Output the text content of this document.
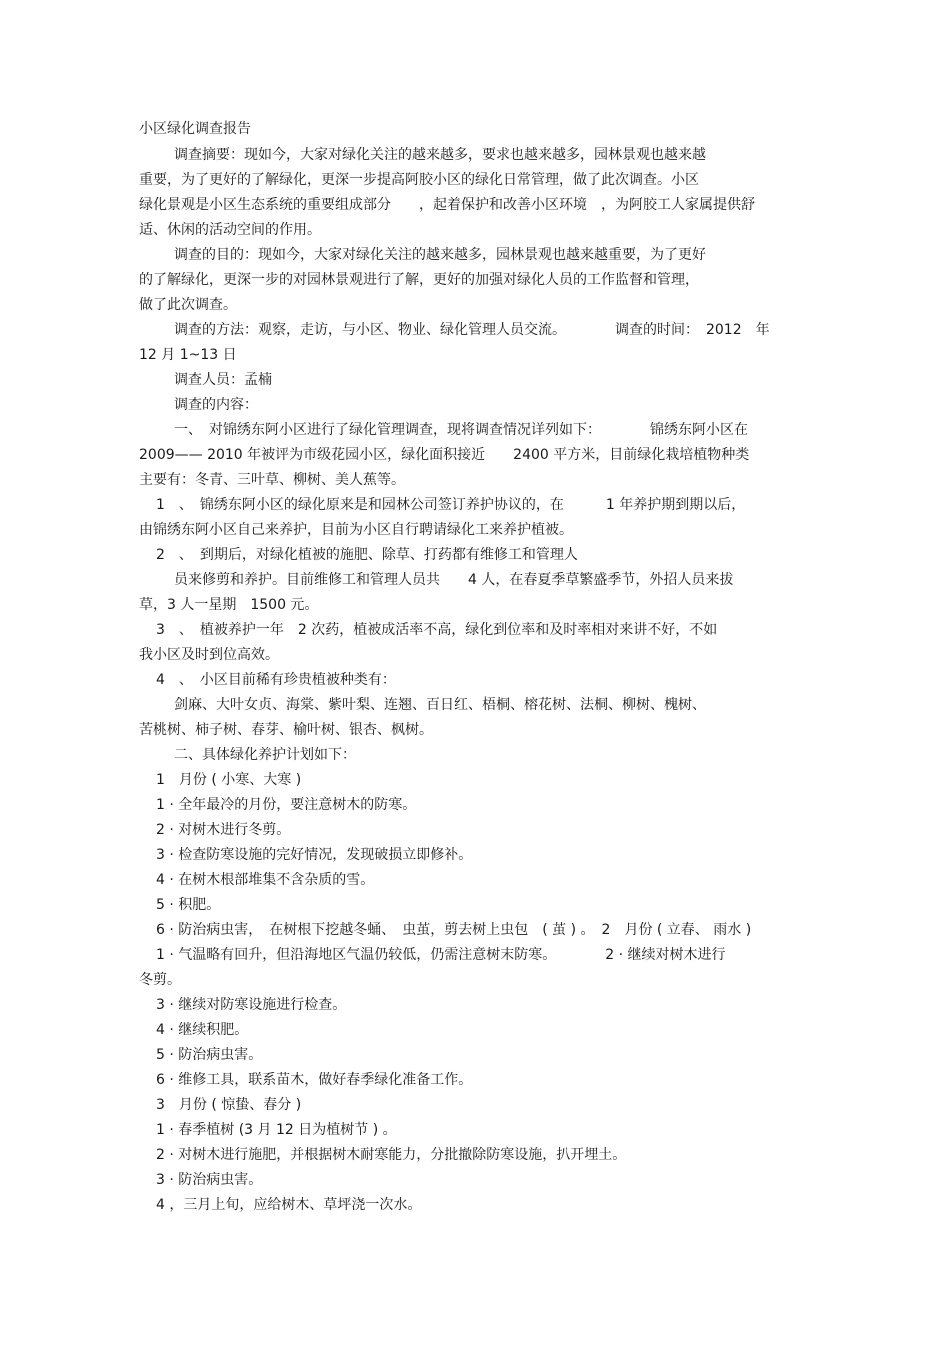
小区绿化调查报告
调查摘要：现如今，大家对绿化关注的越来越多，要求也越来越多，园林景观也越来越
重要，为了更好的了解绿化，更深一步提高阿胶小区的绿化日常管理，做了此次调查。小区
绿化景观是小区生态系统的重要组成部分　　，起着保护和改善小区环境　，为阿胶工人家属提供舒
适、休闲的活动空间的作用。
调查的目的：现如今，大家对绿化关注的越来越多，园林景观也越来越重要，为了更好
的了解绿化，更深一步的对园林景观进行了解，更好的加强对绿化人员的工作监督和管理，
做了此次调查。
调查的方法：观察，走访，与小区、物业、绿化管理人员交流。　　　　调查的时间：　2012　年
12 月 1~13 日
调查人员：孟楠
调查的内容：
一、　对锦绣东阿小区进行了绿化管理调查，现将调查情况详列如下：　　　　锦绣东阿小区在
2009—— 2010 年被评为市级花园小区，绿化面积接近　　2400 平方米，目前绿化栽培植物种类
主要有：冬青、三叶草、柳树、美人蕉等。
1　、　锦绣东阿小区的绿化原来是和园林公司签订养护协议的，在　　　1 年养护期到期以后，
由锦绣东阿小区自己来养护，目前为小区自行聘请绿化工来养护植被。
2　、　到期后，对绿化植被的施肥、除草、打药都有维修工和管理人
员来修剪和养护。目前维修工和管理人员共　　4 人，在春夏季草繁盛季节，外招人员来拔
草，3 人一星期　1500 元。
3　、　植被养护一年　2 次药，植被成活率不高，绿化到位率和及时率相对来讲不好，不如
我小区及时到位高效。
4　、　小区目前稀有珍贵植被种类有：
剑麻、大叶女贞、海棠、紫叶梨、连翘、百日红、梧桐、榕花树、法桐、柳树、槐树、
苦桃树、柿子树、春芽、榆叶树、银杏、枫树。
二、具体绿化养护计划如下：
1　月份 ( 小寒、大寒 )
1 · 全年最冷的月份，要注意树木的防寒。
2 · 对树木进行冬剪。
3 · 检查防寒设施的完好情况，发现破损立即修补。
4 · 在树木根部堆集不含杂质的雪。
5 · 积肥。
6 · 防治病虫害，　在树根下挖越冬蛹、　虫茧，剪去树上虫包　( 茧 ) 。　2　月份 ( 立春、 雨水 )
1 · 气温略有回升，但沿海地区气温仍较低，仍需注意树末防寒。　　　　2 · 继续对树木进行
冬剪。
3 · 继续对防寒设施进行检查。
4 · 继续积肥。
5 · 防治病虫害。
6 · 维修工具，联系苗木，做好春季绿化准备工作。
3　月份 ( 惊蛰、春分 )
1 · 春季植树 (3 月 12 日为植树节 ) 。
2 · 对树木进行施肥，并根据树木耐寒能力，分批撤除防寒设施，扒开埋土。
3 · 防治病虫害。
4 ，三月上旬，应给树木、草坪浇一次水。
